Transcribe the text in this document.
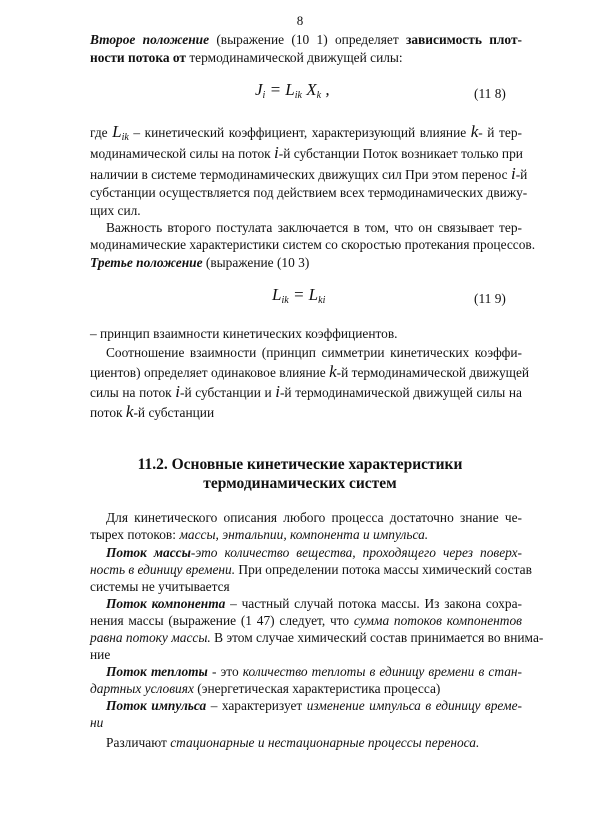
8
Второе положение (выражение (10 1) определяет зависимость плот-
ности потока от термодинамической движущей силы:
$J_i = L_{ik}$ $X_k$ ,	(11 8)
где $L_{ik}$ – кинетический коэффициент, характеризующий влияние k- й тер-
модинамической силы на поток i-й субстанции Поток возникает только при
наличии в системе термодинамических движущих сил При этом перенос i-й
субстанции осуществляется под действием всех термодинамических движу-
щих сил.
Важность второго постулата заключается в том, что он связывает тер-
модинамические характеристики систем со скоростью протекания процессов.
Третье положение (выражение (10 3)
$L_{ik} = L_{ki}$	(11 9)
– принцип взаимности кинетических коэффициентов.
Соотношение взаимности (принцип симметрии кинетических коэффи-
циентов) определяет одинаковое влияние k-й термодинамической движущей
силы на поток i-й субстанции и i-й термодинамической движущей силы на
поток k-й субстанции
11.2. Основные кинетические характеристики
термодинамических систем
Для кинетического описания любого процесса достаточно знание че-
тырех потоков: массы, энтальпии, компонента и импульса.
Поток массы-это количество вещества, проходящего через поверх-
ность в единицу времени. При определении потока массы химический состав
системы не учитывается
Поток компонента – частный случай потока массы. Из закона сохра-
нения массы (выражение (1 47) следует, что сумма потоков компонентов
равна потоку массы. В этом случае химический состав принимается во внима-
ние
Поток теплоты - это количество теплоты в единицу времени в стан-
дартных условиях (энергетическая характеристика процесса)
Поток импульса – характеризует изменение импульса в единицу време-
ни
Различают стационарные и нестационарные процессы переноса.
